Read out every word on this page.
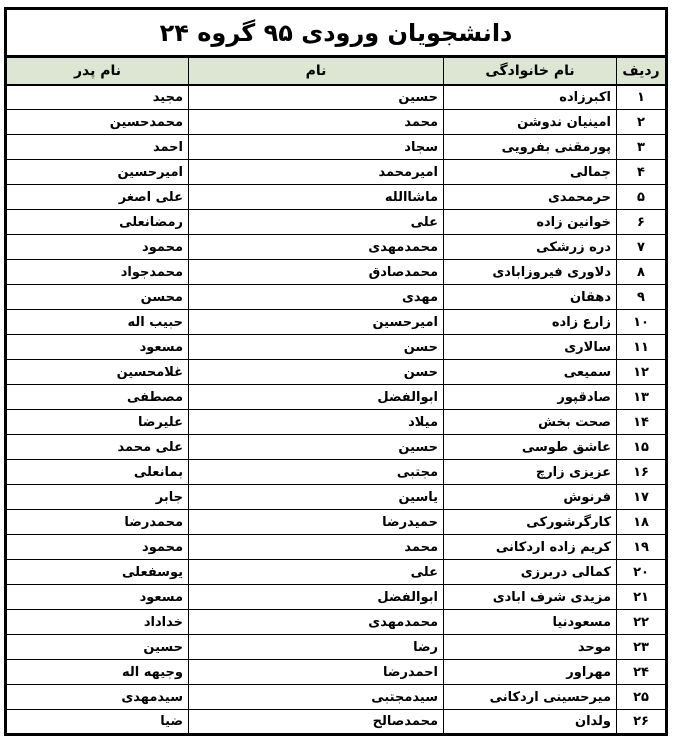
دانشجویان ورودی ۹۵ گروه ۲۴			
ردیف	نام خانوادگی	نام	نام پدر
۱	اکبرزاده	حسین	مجید
۲	امینیان ندوشن	محمد	محمدحسین
۳	پورمقنی بفرویی	سجاد	احمد
۴	جمالی	امیرمحمد	امیرحسین
۵	حرمحمدی	ماشاالله	علی اصغر
۶	خوانین زاده	علی	رمضانعلی
۷	دره زرشکی	محمدمهدی	محمود
۸	دلاوری فیروزابادی	محمدصادق	محمدجواد
۹	دهقان	مهدی	محسن
۱۰	زارع زاده	امیرحسین	حبیب اله
۱۱	سالاری	حسن	مسعود
۱۲	سمیعی	حسن	غلامحسین
۱۳	صادقپور	ابوالفضل	مصطفی
۱۴	صحت بخش	میلاد	علیرضا
۱۵	عاشق طوسی	حسین	علی محمد
۱۶	عزیزی زارچ	مجتبی	بمانعلی
۱۷	فرنوش	یاسین	جابر
۱۸	کارگرشورکی	حمیدرضا	محمدرضا
۱۹	کریم زاده اردکانی	محمد	محمود
۲۰	کمالی دربرزی	علی	یوسفعلی
۲۱	مزیدی شرف ابادی	ابوالفضل	مسعود
۲۲	مسعودنیا	محمدمهدی	خداداد
۲۳	موحد	رضا	حسین
۲۴	مهراور	احمدرضا	وجیهه اله
۲۵	میرحسینی اردکانی	سیدمجتبی	سیدمهدی
۲۶	ولدان	محمدصالح	ضیا
